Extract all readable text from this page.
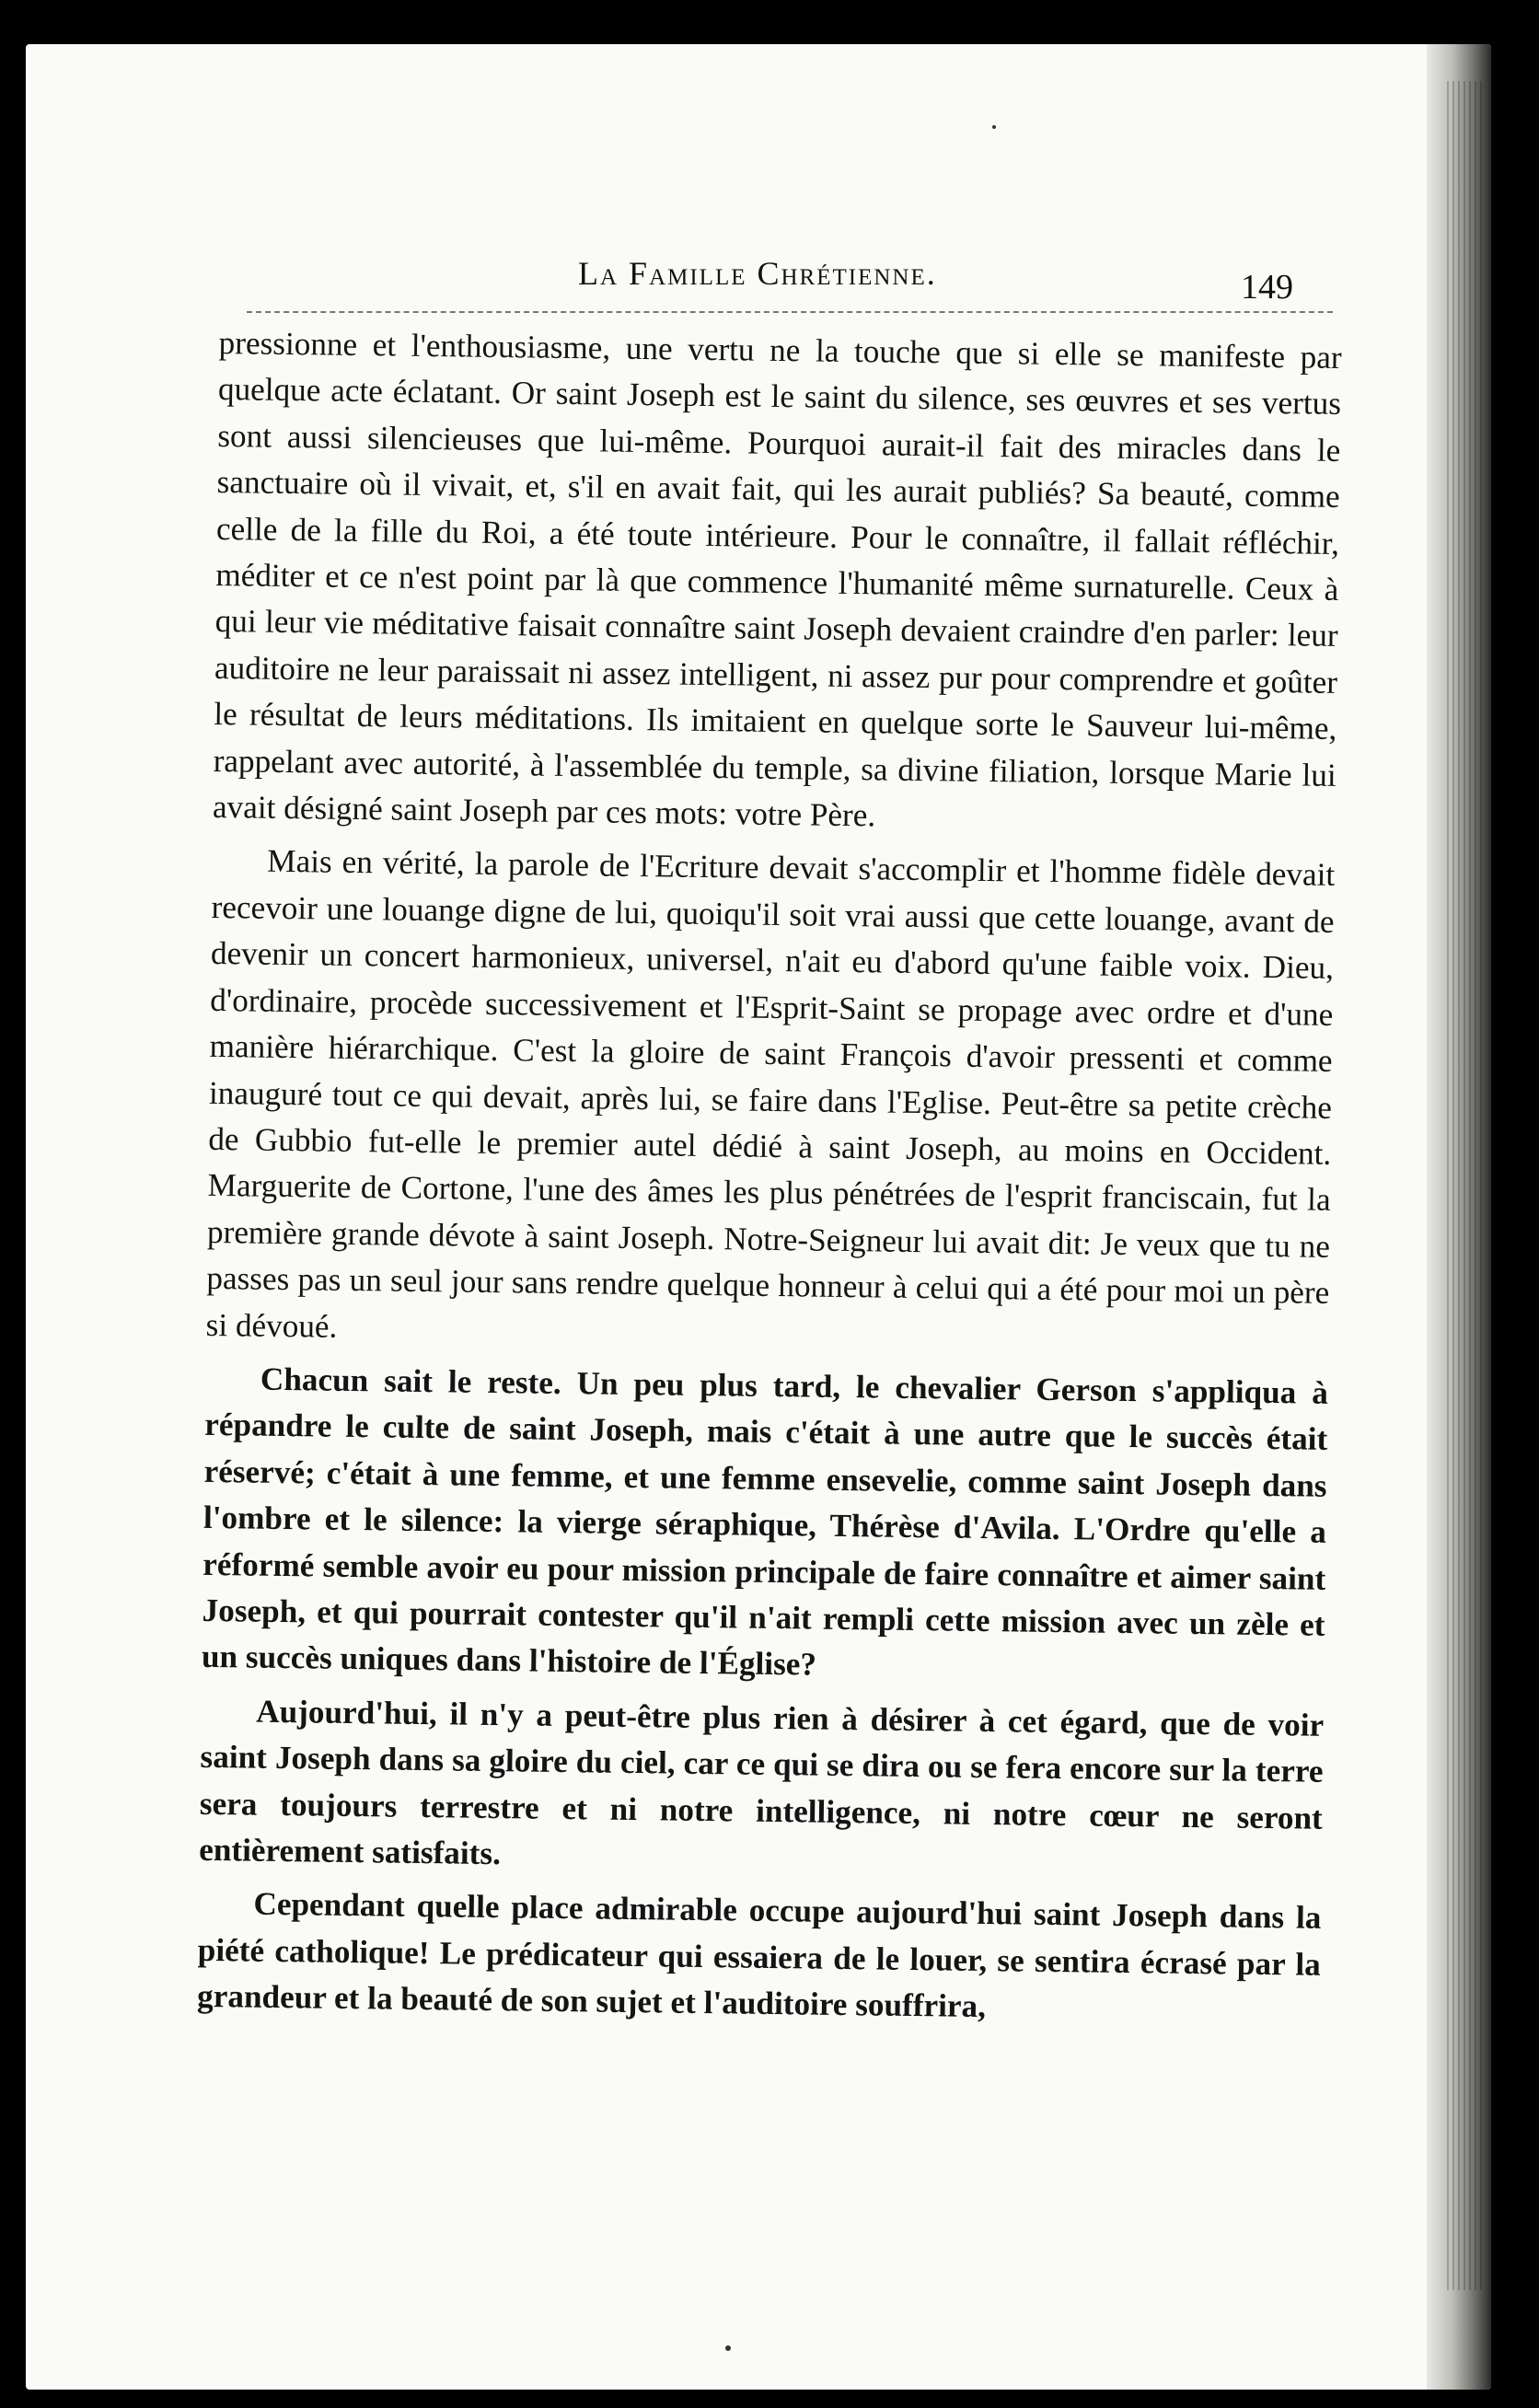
La Famille Chrétienne.	149

pressionne et l'enthousiasme, une vertu ne la touche que si elle se manifeste par quelque acte éclatant. Or saint Joseph est le saint du silence, ses œuvres et ses vertus sont aussi silencieuses que lui-même. Pourquoi aurait-il fait des miracles dans le sanctuaire où il vivait, et, s'il en avait fait, qui les aurait publiés? Sa beauté, comme celle de la fille du Roi, a été toute intérieure. Pour le connaître, il fallait réfléchir, méditer et ce n'est point par là que commence l'humanité même surnaturelle. Ceux à qui leur vie méditative faisait connaître saint Joseph devaient craindre d'en parler: leur auditoire ne leur paraissait ni assez intelligent, ni assez pur pour comprendre et goûter le résultat de leurs méditations. Ils imitaient en quelque sorte le Sauveur lui-même, rappelant avec autorité, à l'assemblée du temple, sa divine filiation, lorsque Marie lui avait désigné saint Joseph par ces mots: votre Père.

Mais en vérité, la parole de l'Ecriture devait s'accomplir et l'homme fidèle devait recevoir une louange digne de lui, quoiqu'il soit vrai aussi que cette louange, avant de devenir un concert harmonieux, universel, n'ait eu d'abord qu'une faible voix. Dieu, d'ordinaire, procède successivement et l'Esprit-Saint se propage avec ordre et d'une manière hiérarchique. C'est la gloire de saint François d'avoir pressenti et comme inauguré tout ce qui devait, après lui, se faire dans l'Eglise. Peut-être sa petite crèche de Gubbio fut-elle le premier autel dédié à saint Joseph, au moins en Occident. Marguerite de Cortone, l'une des âmes les plus pénétrées de l'esprit franciscain, fut la première grande dévote à saint Joseph. Notre-Seigneur lui avait dit: Je veux que tu ne passes pas un seul jour sans rendre quelque honneur à celui qui a été pour moi un père si dévoué.

Chacun sait le reste. Un peu plus tard, le chevalier Gerson s'appliqua à répandre le culte de saint Joseph, mais c'était à une autre que le succès était réservé; c'était à une femme, et une femme ensevelie, comme saint Joseph dans l'ombre et le silence: la vierge séraphique, Thérèse d'Avila. L'Ordre qu'elle a réformé semble avoir eu pour mission principale de faire connaître et aimer saint Joseph, et qui pourrait contester qu'il n'ait rempli cette mission avec un zèle et un succès uniques dans l'histoire de l'Église?

Aujourd'hui, il n'y a peut-être plus rien à désirer à cet égard, que de voir saint Joseph dans sa gloire du ciel, car ce qui se dira ou se fera encore sur la terre sera toujours terrestre et ni notre intelligence, ni notre cœur ne seront entièrement satisfaits.

Cependant quelle place admirable occupe aujourd'hui saint Joseph dans la piété catholique! Le prédicateur qui essaiera de le louer, se sentira écrasé par la grandeur et la beauté de son sujet et l'auditoire souffrira,
